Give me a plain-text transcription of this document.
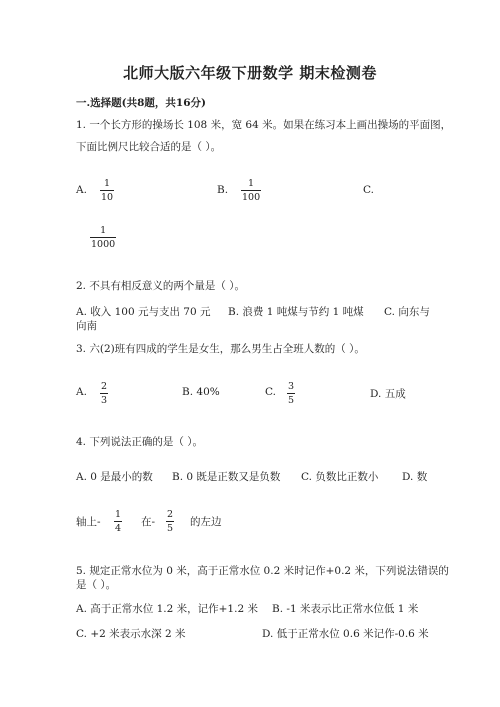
北师大版六年级下册数学 期末检测卷
一.选择题(共8题，共16分)
1. 一个长方形的操场长 108 米，宽 64 米。如果在练习本上画出操场的平面图，
下面比例尺比较合适的是（ ）。
A.
1
10
B.
1
100
C.
1
1000
2. 不具有相反意义的两个量是（ ）。
A. 收入 100 元与支出 70 元 B. 浪费 1 吨煤与节约 1 吨煤 C. 向东与
向南
3. 六(2)班有四成的学生是女生，那么男生占全班人数的（ ）。
A. 2
3
B. 40%	C. 3
5
D. 五成
4. 下列说法正确的是（ ）。
A. 0 是最小的数 B. 0 既是正数又是负数 C. 负数比正数小 D. 数
轴上-
1
4
在-
2
5
的左边
5. 规定正常水位为 0 米，高于正常水位 0.2 米时记作+0.2 米，下列说法错误的
是（ ）。
A. 高于正常水位 1.2 米，记作+1.2 米 B. -1 米表示比正常水位低 1 米
C. +2 米表示水深 2 米	D. 低于正常水位 0.6 米记作-0.6 米
